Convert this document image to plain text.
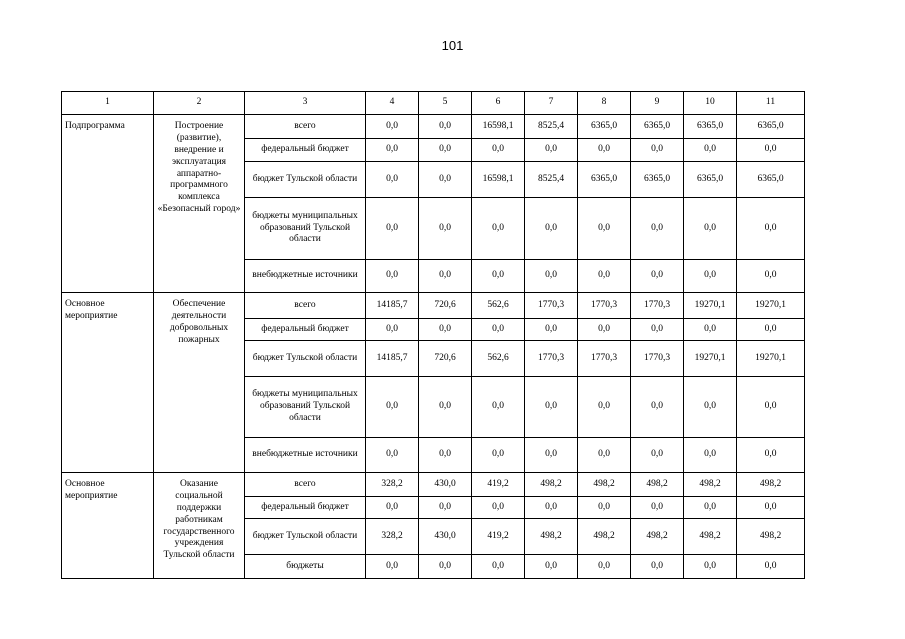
101
1	2	3	4	5	6	7	8	9	10	11
Подпрограмма	Построение (развитие), внедрение и эксплуатация аппаратно-программного комплекса «Безопасный город»	всего	0,0	0,0	16598,1	8525,4	6365,0	6365,0	6365,0	6365,0
		федеральный бюджет	0,0	0,0	0,0	0,0	0,0	0,0	0,0	0,0
		бюджет Тульской области	0,0	0,0	16598,1	8525,4	6365,0	6365,0	6365,0	6365,0
		бюджеты муниципальных образований Тульской области	0,0	0,0	0,0	0,0	0,0	0,0	0,0	0,0
		внебюджетные источники	0,0	0,0	0,0	0,0	0,0	0,0	0,0	0,0
Основное мероприятие	Обеспечение деятельности добровольных пожарных	всего	14185,7	720,6	562,6	1770,3	1770,3	1770,3	19270,1	19270,1
		федеральный бюджет	0,0	0,0	0,0	0,0	0,0	0,0	0,0	0,0
		бюджет Тульской области	14185,7	720,6	562,6	1770,3	1770,3	1770,3	19270,1	19270,1
		бюджеты муниципальных образований Тульской области	0,0	0,0	0,0	0,0	0,0	0,0	0,0	0,0
		внебюджетные источники	0,0	0,0	0,0	0,0	0,0	0,0	0,0	0,0
Основное мероприятие	Оказание социальной поддержки работникам государственного учреждения Тульской области	всего	328,2	430,0	419,2	498,2	498,2	498,2	498,2	498,2
		федеральный бюджет	0,0	0,0	0,0	0,0	0,0	0,0	0,0	0,0
		бюджет Тульской области	328,2	430,0	419,2	498,2	498,2	498,2	498,2	498,2
		бюджеты	0,0	0,0	0,0	0,0	0,0	0,0	0,0	0,0
